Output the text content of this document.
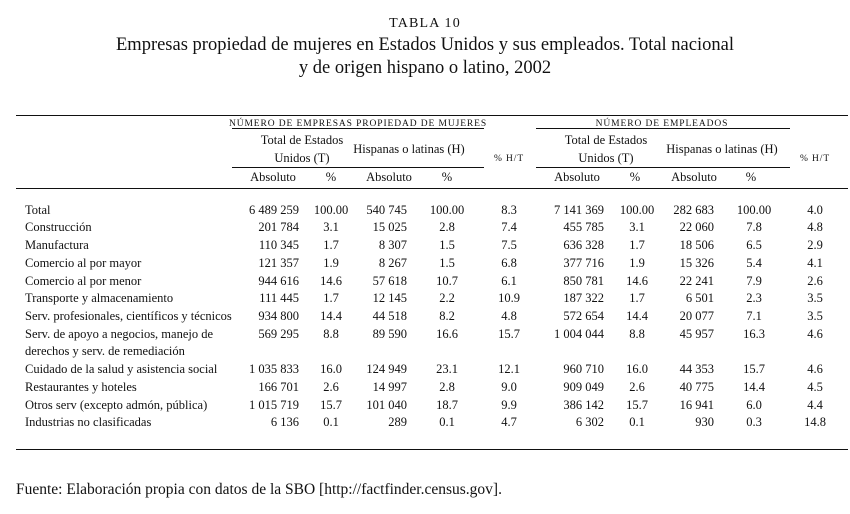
TABLA 10
Empresas propiedad de mujeres en Estados Unidos y sus empleados. Total nacional
y de origen hispano o latino, 2002
NÚMERO DE EMPRESAS PROPIEDAD DE MUJERES	NÚMERO DE EMPLEADOS
Total de Estados
Unidos (T)
Hispanas o latinas (H)
% H/T
Total de Estados
Unidos (T)
Hispanas o latinas (H)
% H/T
Absoluto	%	Absoluto	%	Absoluto	%	Absoluto	%
Total	6 489 259	100.00	540 745	100.00	8.3	7 141 369	100.00	282 683	100.00	4.0
Construcción	201 784	3.1	15 025	2.8	7.4	455 785	3.1	22 060	7.8	4.8
Manufactura	110 345	1.7	8 307	1.5	7.5	636 328	1.7	18 506	6.5	2.9
Comercio al por mayor	121 357	1.9	8 267	1.5	6.8	377 716	1.9	15 326	5.4	4.1
Comercio al por menor	944 616	14.6	57 618	10.7	6.1	850 781	14.6	22 241	7.9	2.6
Transporte y almacenamiento	111 445	1.7	12 145	2.2	10.9	187 322	1.7	6 501	2.3	3.5
Serv. profesionales, científicos y técnicos	934 800	14.4	44 518	8.2	4.8	572 654	14.4	20 077	7.1	3.5
Serv. de apoyo a negocios, manejo de
derechos y serv. de remediación
569 295	8.8	89 590	16.6	15.7	1 004 044	8.8	45 957	16.3	4.6
Cuidado de la salud y asistencia social	1 035 833	16.0	124 949	23.1	12.1	960 710	16.0	44 353	15.7	4.6
Restaurantes y hoteles	166 701	2.6	14 997	2.8	9.0	909 049	2.6	40 775	14.4	4.5
Otros serv (excepto admón, pública)	1 015 719	15.7	101 040	18.7	9.9	386 142	15.7	16 941	6.0	4.4
Industrias no clasificadas	6 136	0.1	289	0.1	4.7	6 302	0.1	930	0.3	14.8
Fuente: Elaboración propia con datos de la SBO [http://factfinder.census.gov].
